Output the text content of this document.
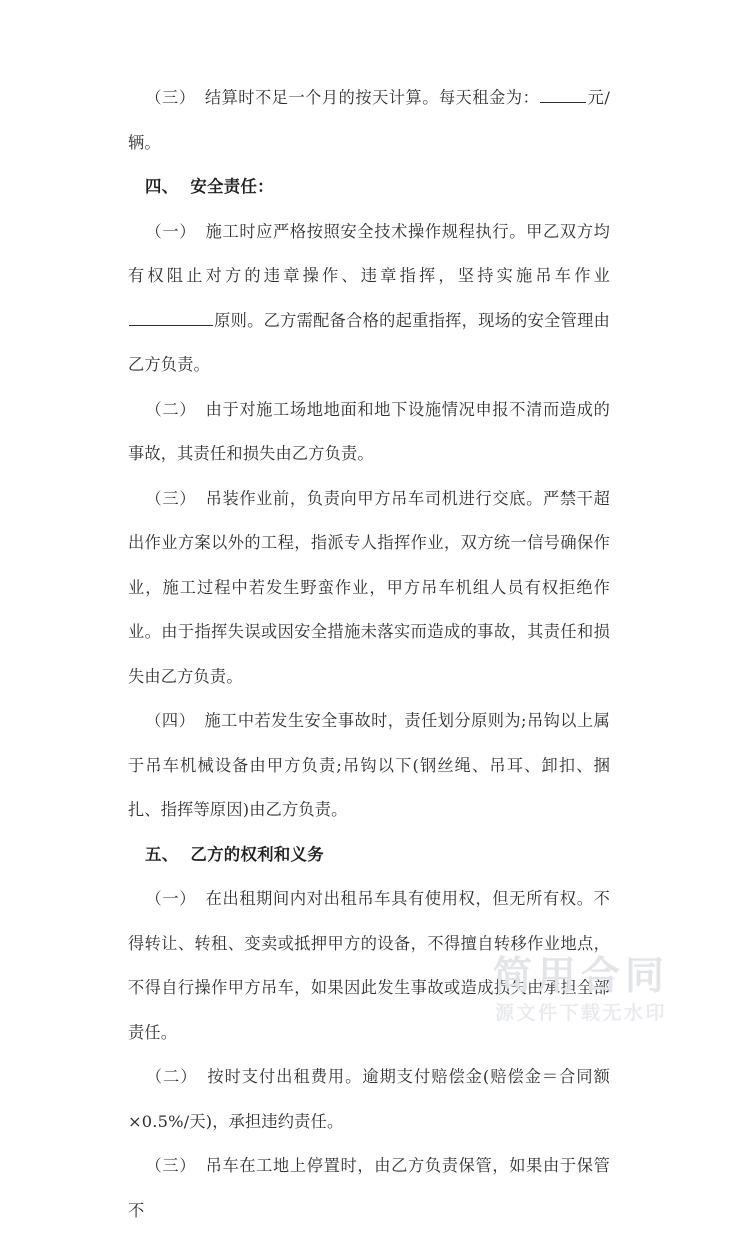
（三） 结算时不足一个月的按天计算。每天租金为：	元/辆。

四、 安全责任：

（一） 施工时应严格按照安全技术操作规程执行。甲乙双方均有权阻止对方的违章操作、违章指挥，坚持实施吊车作业原则。乙方需配备合格的起重指挥，现场的安全管理由乙方负责。

（二） 由于对施工场地地面和地下设施情况申报不清而造成的事故，其责任和损失由乙方负责。

（三） 吊装作业前，负责向甲方吊车司机进行交底。严禁干超出作业方案以外的工程，指派专人指挥作业，双方统一信号确保作业，施工过程中若发生野蛮作业，甲方吊车机组人员有权拒绝作业。由于指挥失误或因安全措施未落实而造成的事故，其责任和损失由乙方负责。

（四） 施工中若发生安全事故时，责任划分原则为;吊钩以上属于吊车机械设备由甲方负责;吊钩以下(钢丝绳、吊耳、卸扣、捆扎、指挥等原因)由乙方负责。

五、 乙方的权利和义务

（一） 在出租期间内对出租吊车具有使用权，但无所有权。不得转让、转租、变卖或抵押甲方的设备，不得擅自转移作业地点，不得自行操作甲方吊车，如果因此发生事故或造成损失由承担全部责任。

（二） 按时支付出租费用。逾期支付赔偿金(赔偿金＝合同额×0.5%/天)，承担违约责任。

（三） 吊车在工地上停置时，由乙方负责保管，如果由于保管不

简用合同
源文件下载无水印
